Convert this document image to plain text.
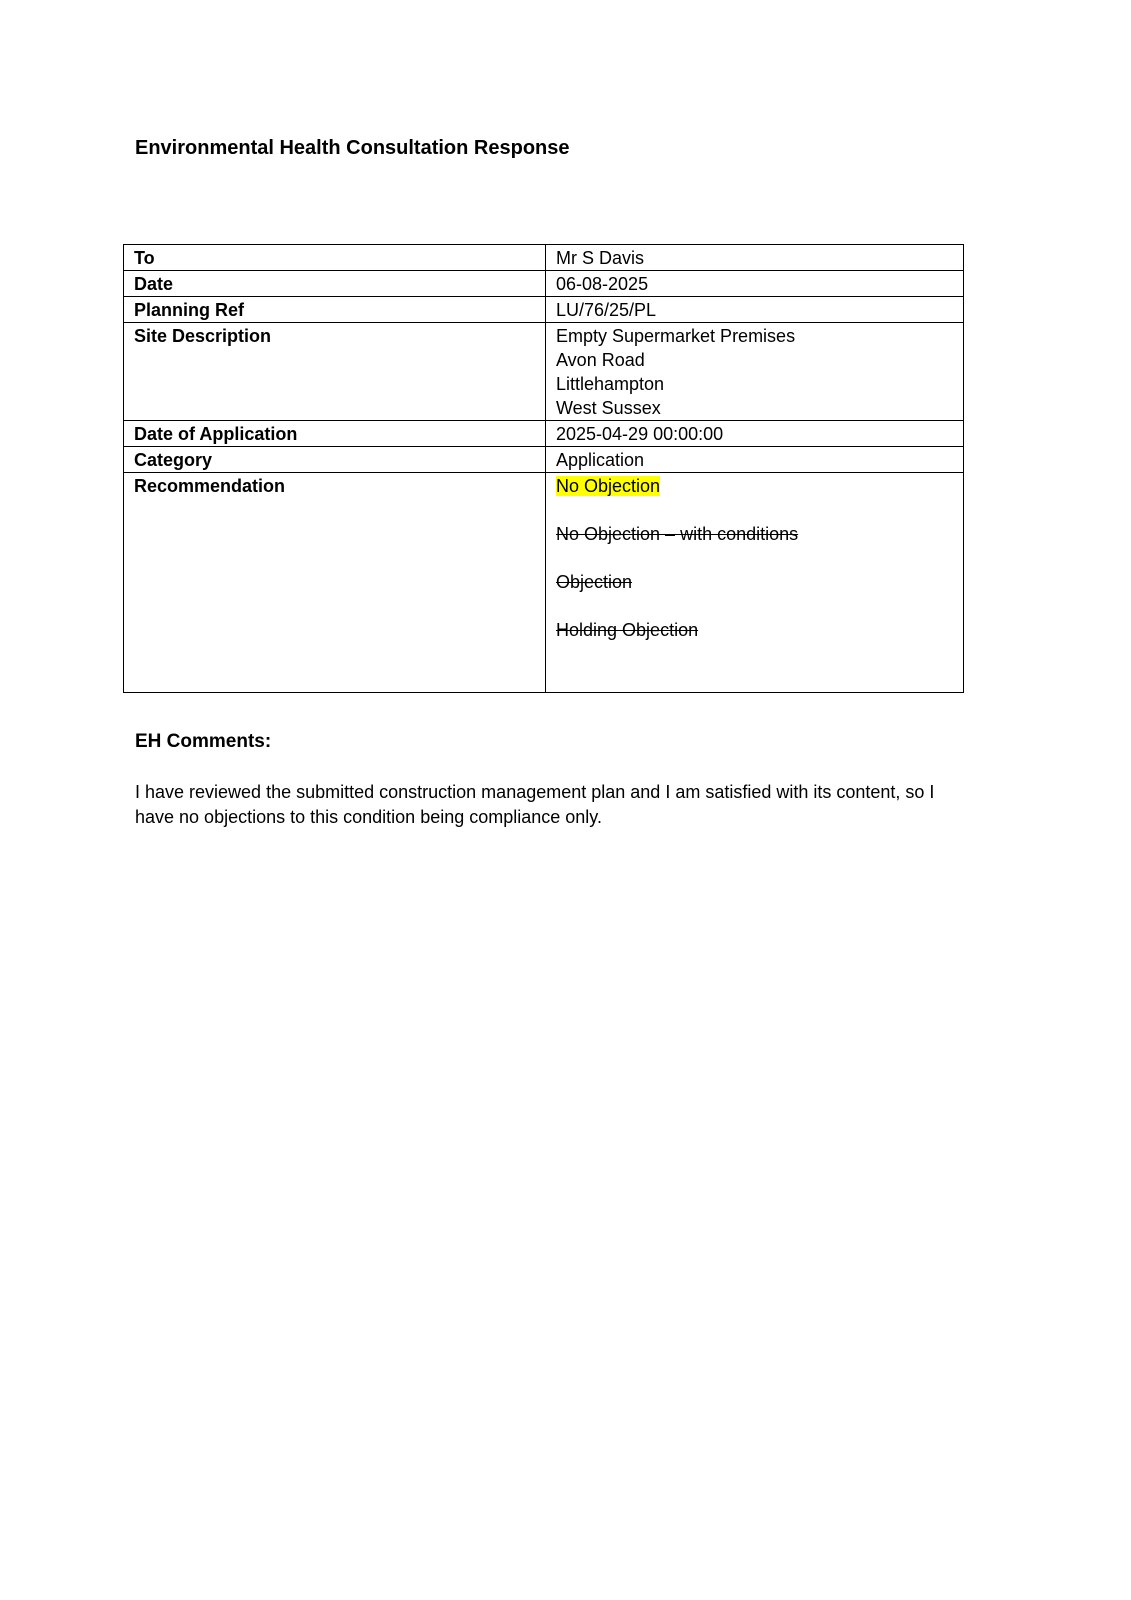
Environmental Health Consultation Response
To	Mr S Davis
Date	06-08-2025
Planning Ref	LU/76/25/PL
Site Description	Empty Supermarket Premises
Avon Road
Littlehampton
West Sussex

Date of Application	2025-04-29 00:00:00
Category	Application
Recommendation	No Objection

No Objection – with conditions

Objection

Holding Objection

EH Comments:

I have reviewed the submitted construction management plan and I am satisfied with its content, so I have no objections to this condition being compliance only.
